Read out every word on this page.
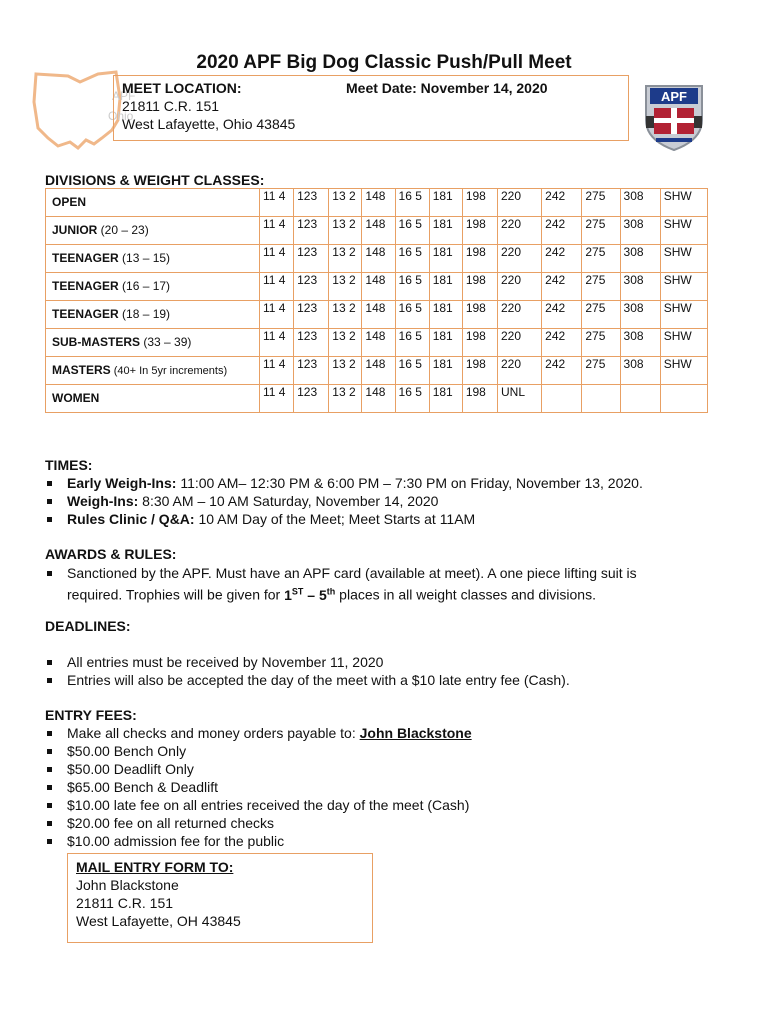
2020 APF Big Dog Classic Push/Pull Meet
APF
Ohio
MEET LOCATION:	Meet Date: November 14, 2020
21811 C.R. 151
West Lafayette, Ohio 43845
APF
DIVISIONS & WEIGHT CLASSES:
OPEN	11 4	123	13 2	148	16 5	181	198	220	242	275	308	SHW
JUNIOR (20 – 23)	11 4	123	13 2	148	16 5	181	198	220	242	275	308	SHW
TEENAGER (13 – 15)	11 4	123	13 2	148	16 5	181	198	220	242	275	308	SHW
TEENAGER (16 – 17)	11 4	123	13 2	148	16 5	181	198	220	242	275	308	SHW
TEENAGER (18 – 19)	11 4	123	13 2	148	16 5	181	198	220	242	275	308	SHW
SUB-MASTERS (33 – 39)	11 4	123	13 2	148	16 5	181	198	220	242	275	308	SHW
MASTERS (40+ In 5yr increments)	11 4	123	13 2	148	16 5	181	198	220	242	275	308	SHW
WOMEN	11 4	123	13 2	148	16 5	181	198	UNL				
TIMES:
Early Weigh-Ins: 11:00 AM– 12:30 PM & 6:00 PM – 7:30 PM on Friday, November 13, 2020.
Weigh-Ins: 8:30 AM – 10 AM Saturday, November 14, 2020
Rules Clinic / Q&A: 10 AM Day of the Meet; Meet Starts at 11AM
AWARDS & RULES:
Sanctioned by the APF. Must have an APF card (available at meet). A one piece lifting suit is required. Trophies will be given for 1ST – 5th places in all weight classes and divisions.
DEADLINES:
All entries must be received by November 11, 2020
Entries will also be accepted the day of the meet with a $10 late entry fee (Cash).
ENTRY FEES:
Make all checks and money orders payable to: John Blackstone
$50.00 Bench Only
$50.00 Deadlift Only
$65.00 Bench & Deadlift
$10.00 late fee on all entries received the day of the meet (Cash)
$20.00 fee on all returned checks
$10.00 admission fee for the public
MAIL ENTRY FORM TO:
John Blackstone
21811 C.R. 151
West Lafayette, OH 43845
